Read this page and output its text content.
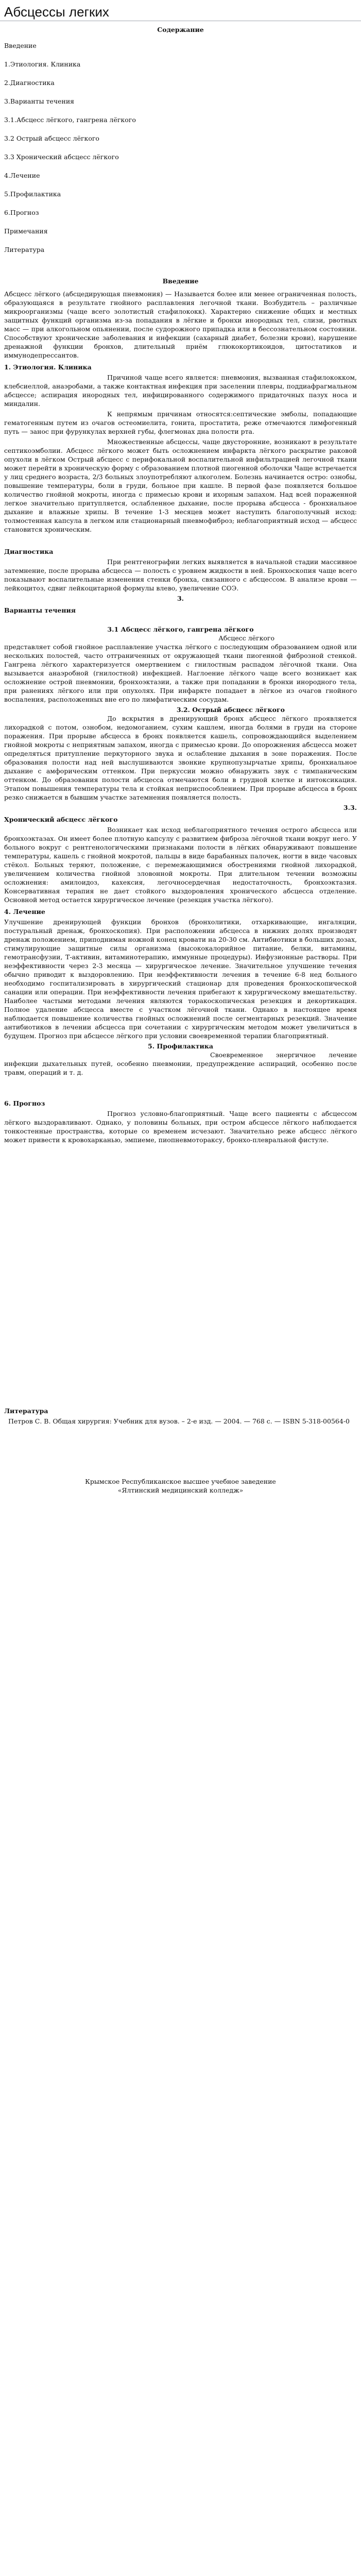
Абсцессы легких
Содержание
Введение
1.Этиология. Клиника
2.Диагностика
3.Варианты течения
3.1.Абсцесс лёгкого, гангрена лёгкого
3.2 Острый абсцесс лёгкого
3.3 Хронический абсцесс лёгкого
4.Лечение
5.Профилактика
6.Прогноз
Примечания
Литература
Введение

Абсцесс лёгкого (абсцедирующая пневмония) — Называется более или менее ограниченная полость, образующаяся в результате гнойного расплавления легочной ткани. Возбудитель – различные микроорганизмы (чаще всего золотистый стафилококк). Характерно снижение общих и местных защитных функций организма из-за попадания в лёгкие и бронхи инородных тел, слизи, рвотных масс — при алкогольном опьянении, после судорожного припадка или в бессознательном состоянии. Способствуют хронические заболевания и инфекции (сахарный диабет, болезни крови), нарушение дренажной функции бронхов, длительный приём глюкокортикоидов, цитостатиков и иммунодепрессантов.

1. Этиология. Клиника

Причиной чаще всего является: пневмония, вызванная стафилококком, клебсиеллой, анаэробами, а также контактная инфекция при заселении плевры, поддиафрагмальном абсцессе; аспирация инородных тел, инфицированного содержимого придаточных пазух носа и миндалин.

К непрямым причинам относятся:септические эмболы, попадающие гематогенным путем из очагов остеомиелита, гонита, простатита, реже отмечаются лимфогенный путь — занос при фурункулах верхней губы, флегмонах дна полости рта.

Множественные абсцессы, чаще двусторонние, возникают в результате септикоэмболии. Абсцесс лёгкого может быть осложнением инфаркта лёгкого раскрытие раковой опухоли в лёгком Острый абсцесс с перифокальной воспалительной инфильтрацией легочной ткани может перейти в хроническую форму с образованием плотной пиогенной оболочки Чаще встречается у лиц среднего возраста, 2/3 больных злоупотребляют алкоголем. Болезнь начинается остро: ознобы, повышение температуры, боли в груди, больное при кашле. В первой фазе появляется большое количество гнойной мокроты, иногда с примесью крови и ихорным запахом. Над всей пораженной легкое значительно притупляется, ослабленное дыхание, после прорыва абсцесса - бронхиальное дыхание и влажные хрипы. В течение 1-3 месяцев может наступить благополучный исход: толмостенная капсула в легком или стационарный пневмофиброз; неблагоприятный исход — абсцесс становится хроническим.

Диагностика

При рентгенографии легких выявляется в начальной стадии массивное затемнение, после прорыва абсцесса — полость с уровнем жидкости в ней. Бронхоскопия чаще всего показывают воспалительные изменения стенки бронха, связанного с абсцессом. В анализе крови — лейкоцитоз, сдвиг лейкоцитарной формулы влево, увеличение СОЭ.

3.
Варианты течения
3.1 Абсцесс лёгкого, гангрена лёгкого
Абсцесс лёгкого

представляет собой гнойное расплавление участка лёгкого с последующим образованием одной или нескольких полостей, часто отграниченных от окружающей ткани пиогенной фиброзной стенкой. Гангрена лёгкого характеризуется омертвением с гнилостным распадом лёгочной ткани. Она вызывается анаэробной (гнилостной) инфекцией. Наглоение лёгкого чаще всего возникает как осложнение острой пневмонии, бронхоэктазии, а также при попадании в бронхи инородного тела, при ранениях лёгкого или при опухолях. При инфаркте попадает в лёгкое из очагов гнойного воспаления, расположенных вне его по лимфатическим сосудам.

3.2. Острый абсцесс лёгкого

До вскрытия в дренирующий бронх абсцесс лёгкого проявляется лихорадкой с потом, ознобом, недомоганием, сухим кашлем, иногда болями в груди на стороне поражения. При прорыве абсцесса в бронх появляется кашель, сопровождающийся выделением гнойной мокроты с неприятным запахом, иногда с примесью крови. До опорожнения абсцесса может определяться притупление перкуторного звука и ослабление дыхания в зоне поражения. После образования полости над ней выслушиваются звонкие крупнопузырчатые хрипы, бронхиальное дыхание с амфорическим оттенком. При перкуссии можно обнаружить звук с тимпаническим оттенком. До образования полости абсцесса отмечаются боли в грудной клетке и интоксикация. Этапом повышения температуры тела и стойкая неприспособлением. При прорыве абсцесса в бронх резко снижается в бывшим участке затемнения появляется полость.

3.3.
Хронический абсцесс лёгкого

Возникает как исход неблагоприятного течения острого абсцесса или бронхоэктазах. Он имеет более плотную капсулу с развитием фиброза лёгочной ткани вокруг него. У больного вокруг с рентгенологическими признаками полости в лёгких обнаруживают повышение температуры, кашель с гнойной мокротой, пальцы в виде барабанных палочек, ногти в виде часовых стёкол. Больных теряют, положение, с перемежающимися обострениями гнойной лихорадкой, увеличением количества гнойной зловонной мокроты. При длительном течении возможны осложнения: амилоидоз, кахексия, легочносердечная недостаточность, бронхоэктазия. Консервативная терапия не дает стойкого выздоровления хронического абсцесса отделение. Основной метод остается хирургическое лечение (резекция участка лёгкого).

4. Лечение

Улучшение дренирующей функции бронхов (бронхолитики, отхаркивающие, ингаляции, постуральный дренаж, бронхоскопия). При расположении абсцесса в нижних долях производят дренаж положением, приподнимая ножной конец кровати на 20-30 см. Антибиотики в больших дозах, стимулирующие защитные силы организма (высококалорийное питание, белки, витамины, гемотрансфузии, Т-активин, витаминотерапию, иммунные процедуры). Инфузионные растворы. При неэффективности через 2-3 месяца — хирургическое лечение. Значительное улучшение течения обычно приводит к выздоровлению. При неэффективности лечения в течение 6-8 нед больного необходимо госпитализировать в хирургический стационар для проведения бронхоскопической санации или операции. При неэффективности лечения прибегают к хирургическому вмешательству. Наиболее частыми методами лечения являются торакоскопическая резекция и декортикация. Полное удаление абсцесса вместе с участком лёгочной ткани. Однако в настоящее время наблюдается повышение количества гнойных осложнений после сегментарных резекций. Значение антибиотиков в лечении абсцесса при сочетании с хирургическим методом может увеличиться в будущем. Прогноз при абсцессе лёгкого при условии своевременной терапии благоприятный.

5. Профилактика

Своевременное энергичное лечение инфекции дыхательных путей, особенно пневмонии, предупреждение аспираций, особенно после травм, операций и т. д.

6. Прогноз

Прогноз условно-благоприятный. Чаще всего пациенты с абсцессом лёгкого выздоравливают. Однако, у половины больных, при остром абсцессе лёгкого наблюдается тонкостенные пространства, которые со временем исчезают. Значительно реже абсцесс лёгкого может привести к кровохарканью, эмпиеме, пиопневмотораксу, бронхо-плевральной фистуле.

Литература
Петров С. В. Общая хирургия: Учебник для вузов. – 2-е изд. — 2004. — 768 с. — ISBN 5-318-00564-0
Крымское Республиканское высшее учебное заведение
«Ялтинский медицинский колледж»
